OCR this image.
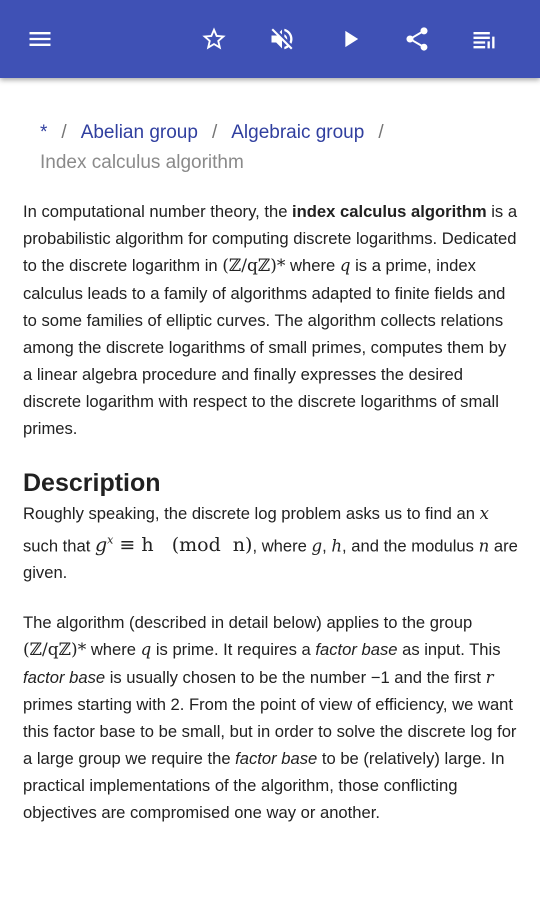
* / Abelian group / Algebraic group /
Index calculus algorithm

In computational number theory, the index calculus algorithm is a probabilistic algorithm for computing discrete logarithms. Dedicated to the discrete logarithm in (ℤ/qℤ)* where q is a prime, index calculus leads to a family of algorithms adapted to finite fields and to some families of elliptic curves. The algorithm collects relations among the discrete logarithms of small primes, computes them by a linear algebra procedure and finally expresses the desired discrete logarithm with respect to the discrete logarithms of small primes.

Description

Roughly speaking, the discrete log problem asks us to find an x such that $g^x \equiv h$   (mod  n), where g, h, and the modulus n are given.

The algorithm (described in detail below) applies to the group (ℤ/qℤ)* where q is prime. It requires a factor base as input. This factor base is usually chosen to be the number −1 and the first r primes starting with 2. From the point of view of efficiency, we want this factor base to be small, but in order to solve the discrete log for a large group we require the factor base to be (relatively) large. In practical implementations of the algorithm, those conflicting objectives are compromised one way or another.
